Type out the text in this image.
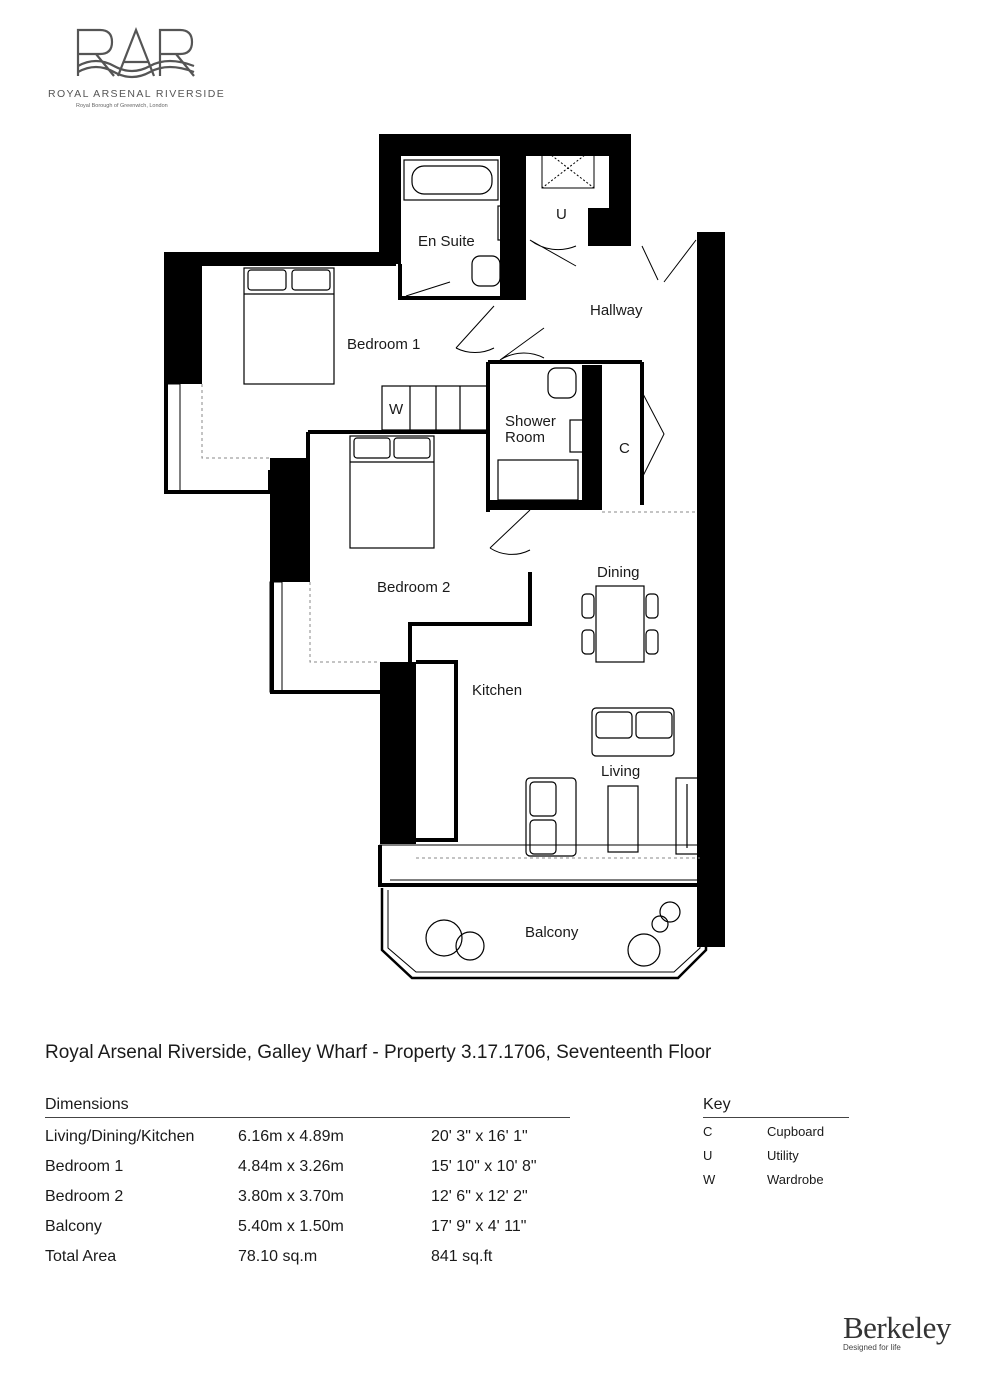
ROYAL ARSENAL RIVERSIDE
Royal Borough of Greenwich, London
En Suite
U
Hallway
Bedroom 1
W
Shower
Room
C
Bedroom 2
Dining
Kitchen
Living
Balcony
Royal Arsenal Riverside, Galley Wharf - Property 3.17.1706, Seventeenth Floor
Dimensions
Living/Dining/Kitchen	6.16m x 4.89m	20' 3" x 16' 1"
Bedroom 1	4.84m x 3.26m	15' 10" x 10' 8"
Bedroom 2	3.80m x 3.70m	12' 6" x 12' 2"
Balcony	5.40m x 1.50m	17' 9" x 4' 11"
Total Area	78.10 sq.m	841 sq.ft
Key
C	Cupboard
U	Utility
W	Wardrobe
Berkeley
Designed for life
